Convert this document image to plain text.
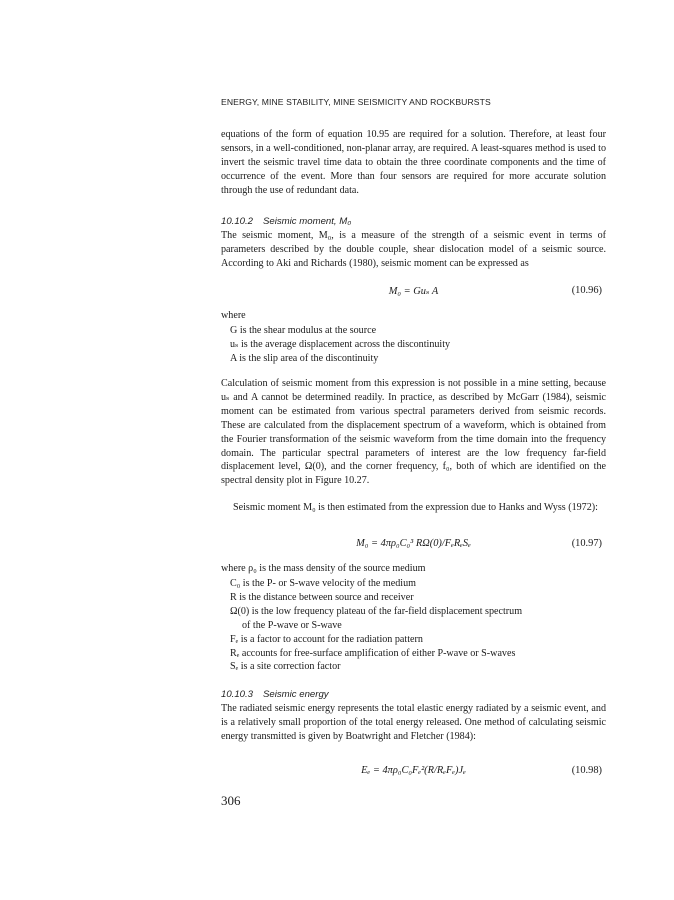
ENERGY, MINE STABILITY, MINE SEISMICITY AND ROCKBURSTS
equations of the form of equation 10.95 are required for a solution. Therefore, at least four sensors, in a well-conditioned, non-planar array, are required. A least-squares method is used to invert the seismic travel time data to obtain the three coordinate components and the time of occurrence of the event. More than four sensors are required for more accurate solution through the use of redundant data.
10.10.2 Seismic moment, M₀
The seismic moment, M₀, is a measure of the strength of a seismic event in terms of parameters described by the double couple, shear dislocation model of a seismic source. According to Aki and Richards (1980), seismic moment can be expressed as
M₀ = Guₛ A	(10.96)
where
G is the shear modulus at the source
uₛ is the average displacement across the discontinuity
A is the slip area of the discontinuity
Calculation of seismic moment from this expression is not possible in a mine setting, because uₛ and A cannot be determined readily. In practice, as described by McGarr (1984), seismic moment can be estimated from various spectral parameters derived from seismic records. These are calculated from the displacement spectrum of a waveform, which is obtained from the Fourier transformation of the seismic waveform from the time domain into the frequency domain. The particular spectral parameters of interest are the low frequency far-field displacement level, Ω(0), and the corner frequency, f₀, both of which are identified on the spectral density plot in Figure 10.27.
Seismic moment M₀ is then estimated from the expression due to Hanks and Wyss (1972):
M₀ = 4πρ₀C₀³ RΩ(0)/FₑRₑSₑ	(10.97)
where ρ₀ is the mass density of the source medium
C₀ is the P- or S-wave velocity of the medium
R is the distance between source and receiver
Ω(0) is the low frequency plateau of the far-field displacement spectrum
of the P-wave or S-wave
Fₑ is a factor to account for the radiation pattern
Rₑ accounts for free-surface amplification of either P-wave or S-waves
Sₑ is a site correction factor
10.10.3 Seismic energy
The radiated seismic energy represents the total elastic energy radiated by a seismic event, and is a relatively small proportion of the total energy released. One method of calculating seismic energy transmitted is given by Boatwright and Fletcher (1984):
Eₑ = 4πρ₀C₀Fₑ²(R/RₑFₑ)Jₑ	(10.98)
306
